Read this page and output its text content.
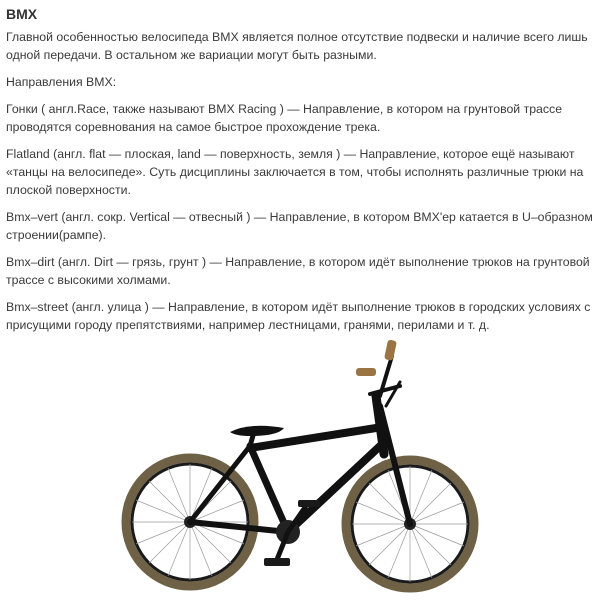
BMX

Главной особенностью велосипеда BMX является полное отсутствие подвески и наличие всего лишь одной передачи. В остальном же вариации могут быть разными.

Направления BMX:

Гонки ( англ.Race, также называют BMX Racing ) — Направление, в котором на грунтовой трассе проводятся соревнования на самое быстрое прохождение трека.

Flatland (англ. flat — плоская, land — поверхность, земля ) — Направление, которое ещё называют «танцы на велосипеде». Суть дисциплины заключается в том, чтобы исполнять различные трюки на плоской поверхности.

Bmx–vert (англ. сокр. Vertical — отвесный ) — Направление, в котором BMX'ер катается в U–образном строении(рампе).

Bmx–dirt (англ. Dirt — грязь, грунт ) — Направление, в котором идёт выполнение трюков на грунтовой трассе с высокими холмами.

Bmx–street (англ. улица ) — Направление, в котором идёт выполнение трюков в городских условиях с присущими городу препятствиями, например лестницами, гранями, перилами и т. д.
